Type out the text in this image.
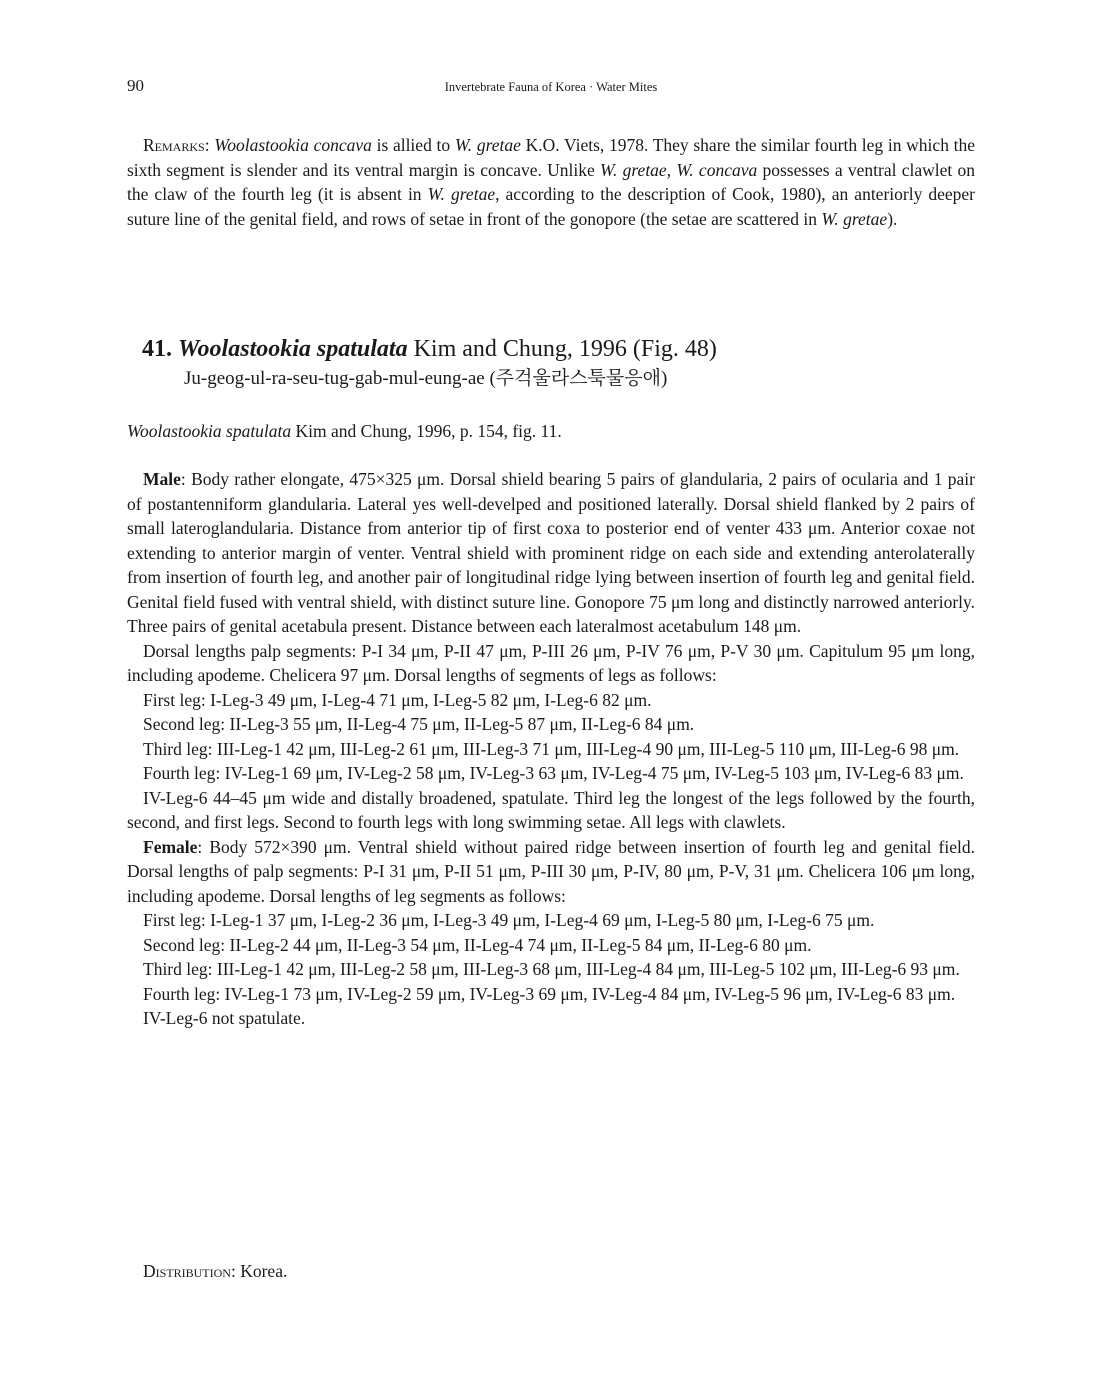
90	Invertebrate Fauna of Korea · Water Mites

Remarks: Woolastookia concava is allied to W. gretae K.O. Viets, 1978. They share the similar fourth leg in which the sixth segment is slender and its ventral margin is concave. Unlike W. gretae, W. concava possesses a ventral clawlet on the claw of the fourth leg (it is absent in W. gretae, according to the description of Cook, 1980), an anteriorly deeper suture line of the genital field, and rows of setae in front of the gonopore (the setae are scattered in W. gretae).

41. Woolastookia spatulata Kim and Chung, 1996 (Fig. 48)

Ju-geog-ul-ra-seu-tug-gab-mul-eung-ae (주걱울라스툭물응애)

Woolastookia spatulata Kim and Chung, 1996, p. 154, fig. 11.

Male: Body rather elongate, 475×325 μm. Dorsal shield bearing 5 pairs of glandularia, 2 pairs of ocularia and 1 pair of postantenniform glandularia. Lateral yes well-develped and positioned laterally. Dorsal shield flanked by 2 pairs of small lateroglandularia. Distance from anterior tip of first coxa to posterior end of venter 433 μm. Anterior coxae not extending to anterior margin of venter. Ventral shield with prominent ridge on each side and extending anterolaterally from insertion of fourth leg, and another pair of longitudinal ridge lying between insertion of fourth leg and genital field. Genital field fused with ventral shield, with distinct suture line. Gonopore 75 μm long and distinctly narrowed anteriorly. Three pairs of genital acetabula present. Distance between each lateralmost acetabulum 148 μm.

Dorsal lengths palp segments: P-I 34 μm, P-II 47 μm, P-III 26 μm, P-IV 76 μm, P-V 30 μm. Capitulum 95 μm long, including apodeme. Chelicera 97 μm. Dorsal lengths of segments of legs as follows:

First leg: I-Leg-3 49 μm, I-Leg-4 71 μm, I-Leg-5 82 μm, I-Leg-6 82 μm.

Second leg: II-Leg-3 55 μm, II-Leg-4 75 μm, II-Leg-5 87 μm, II-Leg-6 84 μm.

Third leg: III-Leg-1 42 μm, III-Leg-2 61 μm, III-Leg-3 71 μm, III-Leg-4 90 μm, III-Leg-5 110 μm, III-Leg-6 98 μm.

Fourth leg: IV-Leg-1 69 μm, IV-Leg-2 58 μm, IV-Leg-3 63 μm, IV-Leg-4 75 μm, IV-Leg-5 103 μm, IV-Leg-6 83 μm.

IV-Leg-6 44–45 μm wide and distally broadened, spatulate. Third leg the longest of the legs followed by the fourth, second, and first legs. Second to fourth legs with long swimming setae. All legs with clawlets.

Female: Body 572×390 μm. Ventral shield without paired ridge between insertion of fourth leg and genital field. Dorsal lengths of palp segments: P-I 31 μm, P-II 51 μm, P-III 30 μm, P-IV, 80 μm, P-V, 31 μm. Chelicera 106 μm long, including apodeme. Dorsal lengths of leg segments as follows:

First leg: I-Leg-1 37 μm, I-Leg-2 36 μm, I-Leg-3 49 μm, I-Leg-4 69 μm, I-Leg-5 80 μm, I-Leg-6 75 μm.

Second leg: II-Leg-2 44 μm, II-Leg-3 54 μm, II-Leg-4 74 μm, II-Leg-5 84 μm, II-Leg-6 80 μm.

Third leg: III-Leg-1 42 μm, III-Leg-2 58 μm, III-Leg-3 68 μm, III-Leg-4 84 μm, III-Leg-5 102 μm, III-Leg-6 93 μm.

Fourth leg: IV-Leg-1 73 μm, IV-Leg-2 59 μm, IV-Leg-3 69 μm, IV-Leg-4 84 μm, IV-Leg-5 96 μm, IV-Leg-6 83 μm.

IV-Leg-6 not spatulate.

Distribution: Korea.
